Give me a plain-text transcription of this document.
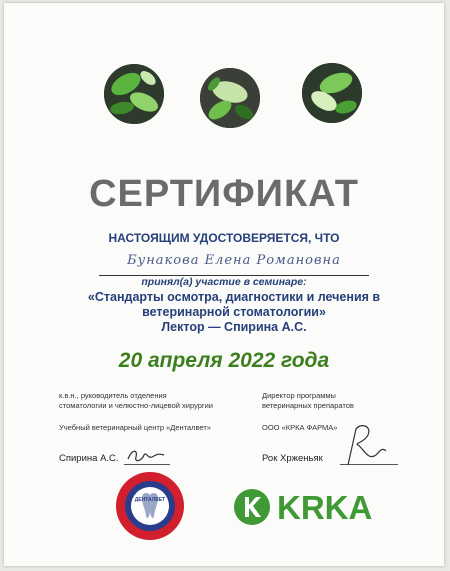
СЕРТИФИКАТ
НАСТОЯЩИМ УДОСТОВЕРЯЕТСЯ, ЧТО
Бунакова Елена Романовна
принял(а) участие в семинаре:
«Стандарты осмотра, диагностики и лечения в ветеринарной стоматологии»
Лектор — Спирина А.С.
20 апреля 2022 года
к.в.н., руководитель отделения
стоматологии и челюстно-лицевой хирургии
Учебный ветеринарный центр «Денталвет»
Спирина А.С.
Директор программы
ветеринарных препаратов
ООО «КРКА ФАРМА»
Рок Хрженьяк
ДЕНТАЛВЕТ	KRKA
